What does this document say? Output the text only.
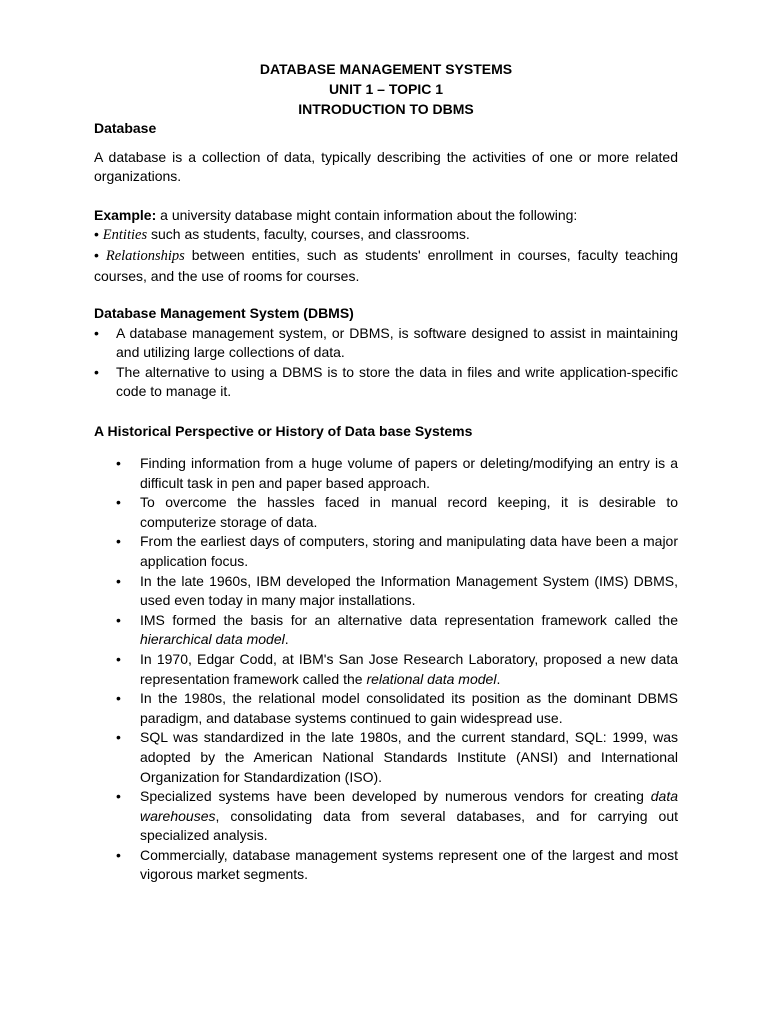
DATABASE MANAGEMENT SYSTEMS
UNIT 1 – TOPIC 1
INTRODUCTION TO DBMS
Database

A database is a collection of data, typically describing the activities of one or more related organizations.

Example: a university database might contain information about the following:

• Entities such as students, faculty, courses, and classrooms.

• Relationships between entities, such as students' enrollment in courses, faculty teaching courses, and the use of rooms for courses.

Database Management System (DBMS)
• A database management system, or DBMS, is software designed to assist in maintaining and utilizing large collections of data.
• The alternative to using a DBMS is to store the data in files and write application-specific code to manage it.
A Historical Perspective or History of Data base Systems
• Finding information from a huge volume of papers or deleting/modifying an entry is a difficult task in pen and paper based approach.
• To overcome the hassles faced in manual record keeping, it is desirable to computerize storage of data.
• From the earliest days of computers, storing and manipulating data have been a major application focus.
• In the late 1960s, IBM developed the Information Management System (IMS) DBMS, used even today in many major installations.
• IMS formed the basis for an alternative data representation framework called the hierarchical data model.
• In 1970, Edgar Codd, at IBM's San Jose Research Laboratory, proposed a new data representation framework called the relational data model.
• In the 1980s, the relational model consolidated its position as the dominant DBMS paradigm, and database systems continued to gain widespread use.
• SQL was standardized in the late 1980s, and the current standard, SQL: 1999, was adopted by the American National Standards Institute (ANSI) and International Organization for Standardization (ISO).
• Specialized systems have been developed by numerous vendors for creating data warehouses, consolidating data from several databases, and for carrying out specialized analysis.
• Commercially, database management systems represent one of the largest and most vigorous market segments.
